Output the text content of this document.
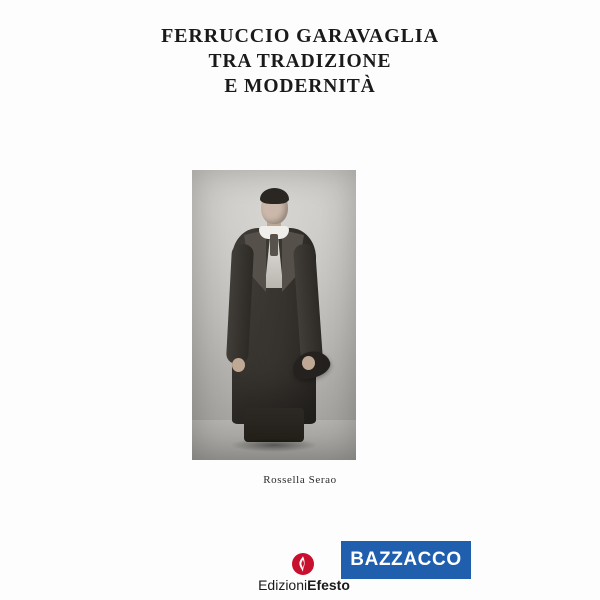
FERRUCCIO GARAVAGLIA
TRA TRADIZIONE
E MODERNITÀ
Rossella Serao
BAZZACCO
EdizioniEfesto
